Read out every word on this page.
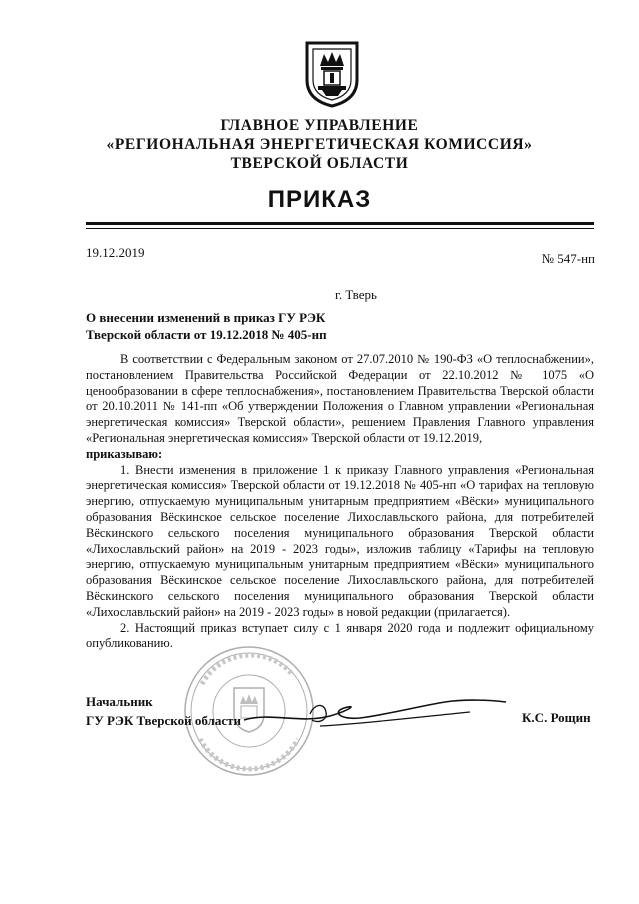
ГЛАВНОЕ УПРАВЛЕНИЕ
«РЕГИОНАЛЬНАЯ ЭНЕРГЕТИЧЕСКАЯ КОМИССИЯ»
ТВЕРСКОЙ ОБЛАСТИ
ПРИКАЗ
19.12.2019	№ 547-нп
г. Тверь
О внесении изменений в приказ ГУ РЭК
Тверской области от 19.12.2018 № 405-нп

В соответствии с Федеральным законом от 27.07.2010 № 190-ФЗ «О теплоснабжении», постановлением Правительства Российской Федерации от 22.10.2012 № 1075 «О ценообразовании в сфере теплоснабжения», постановлением Правительства Тверской области от 20.10.2011 № 141-пп «Об утверждении Положения о Главном управлении «Региональная энергетическая комиссия» Тверской области», решением Правления Главного управления «Региональная энергетическая комиссия» Тверской области от 19.12.2019,

приказываю:

1. Внести изменения в приложение 1 к приказу Главного управления «Региональная энергетическая комиссия» Тверской области от 19.12.2018 № 405-нп «О тарифах на тепловую энергию, отпускаемую муниципальным унитарным предприятием «Вёски» муниципального образования Вёскинское сельское поселение Лихославльского района, для потребителей Вёскинского сельского поселения муниципального образования Тверской области «Лихославльский район» на 2019 - 2023 годы», изложив таблицу «Тарифы на тепловую энергию, отпускаемую муниципальным унитарным предприятием «Вёски» муниципального образования Вёскинское сельское поселение Лихославльского района, для потребителей Вёскинского сельского поселения муниципального образования Тверской области «Лихославльский район» на 2019 - 2023 годы» в новой редакции (прилагается).

2. Настоящий приказ вступает силу с 1 января 2020 года и подлежит официальному опубликованию.

Начальник
ГУ РЭК Тверской области	К.С. Рощин
